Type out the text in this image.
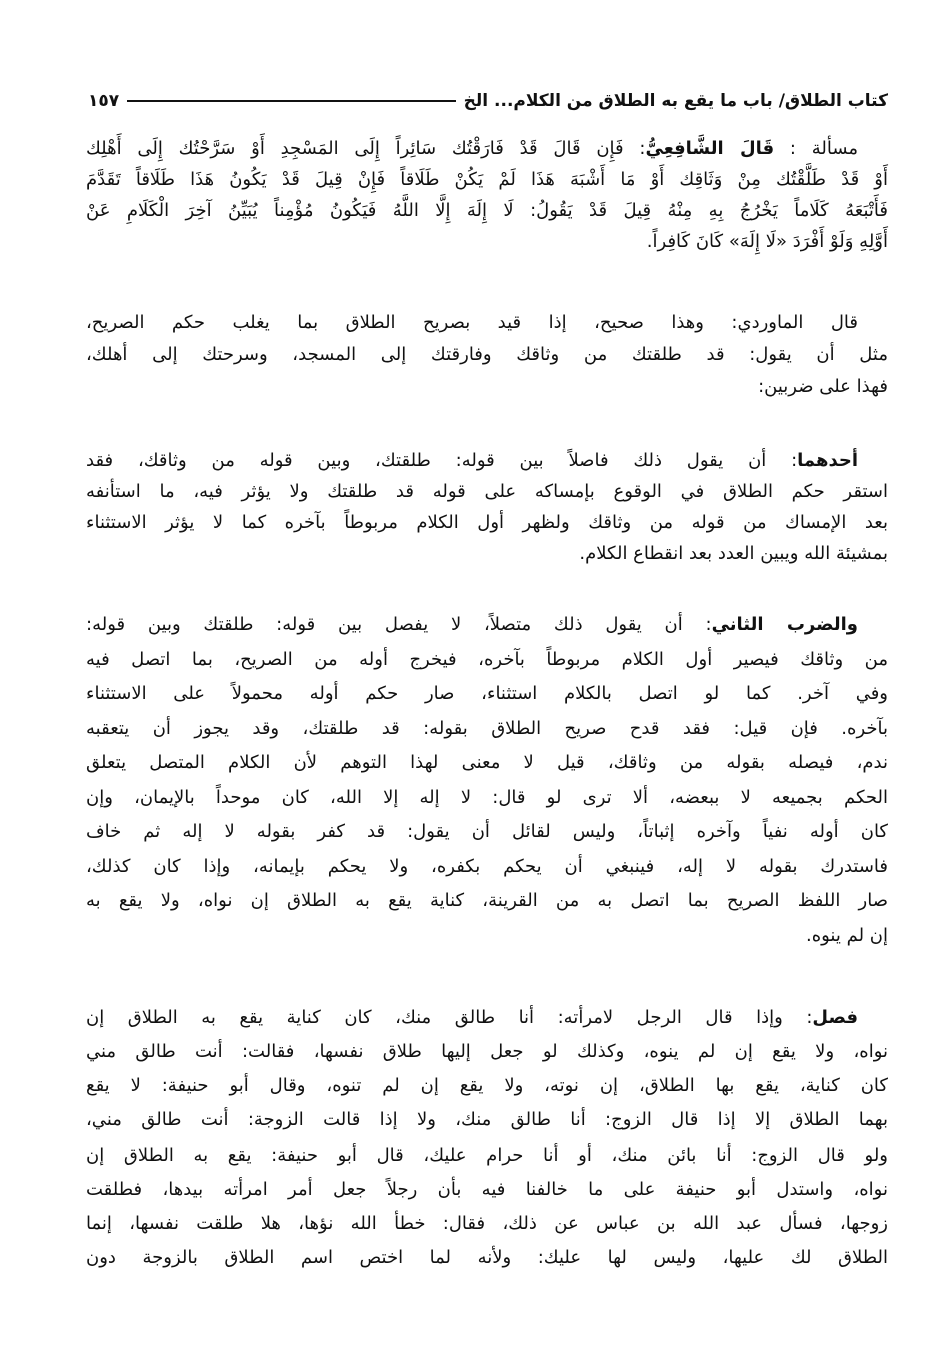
كتاب الطلاق/ باب ما يقع به الطلاق من الكلام... الخ
١٥٧
مسألة : قَالَ الشَّافِعِيُّ: فَإِن قَالَ قَدْ فَارَقْتُك سَائِراً إِلَى المَسْجِدِ أَوْ سَرَّحْتُك إِلَى أَهْلِك
أَوْ قَدْ طَلَّقْتُك مِنْ وَثَاقِك أَوْ مَا أَشْبَهَ هَذَا لَمْ يَكُنْ طَلَاقاً فَإِنْ قِيلَ قَدْ يَكُونُ هَذَا طَلَاقاً تَقَدَّمَ
فَأَتْبَعَهُ كَلَاماً يَخْرُجُ بِهِ مِنْهُ قِيلَ قَدْ يَقُولُ: لَا إِلَهَ إِلَّا اللَّهُ فَيَكُونُ مُؤْمِناً يُبَيِّنُ آخِرَ الْكَلَامِ عَنْ
أَوَّلِهِ وَلَوْ أَفْرَدَ «لَا إِلَهَ» كَانَ كَافِراً.
قال الماوردي: وهذا صحيح، إذا قيد بصريح الطلاق بما يغلب حكم الصريح،
مثل أن يقول: قد طلقتك من وثاقك وفارقتك إلى المسجد، وسرحتك إلى أهلك،
فهذا على ضربين:
أحدهما: أن يقول ذلك فاصلاً بين قوله: طلقتك، وبين قوله من وثاقك، فقد
استقر حكم الطلاق في الوقوع بإمساكه على قوله قد طلقتك ولا يؤثر فيه، ما استأنفه
بعد الإمساك من قوله من وثاقك ولظهر أول الكلام مربوطاً بآخره كما لا يؤثر الاستثناء
بمشيئة الله ويبين العدد بعد انقطاع الكلام.
والضرب الثاني: أن يقول ذلك متصلاً، لا يفصل بين قوله: طلقتك وبين قوله:
من وثاقك فيصير أول الكلام مربوطاً بآخره، فيخرج أوله من الصريح، بما اتصل فيه
وفي آخر. كما لو اتصل بالكلام استثناء، صار حكم أوله محمولاً على الاستثناء
بآخره. فإن قيل: فقد قدح صريح الطلاق بقوله: قد طلقتك، وقد يجوز أن يتعقبه
ندم، فيصله بقوله من وثاقك، قيل لا معنى لهذا التوهم لأن الكلام المتصل يتعلق
الحكم بجميعه لا ببعضه، ألا ترى لو قال: لا إله إلا الله، كان موحداً بالإيمان، وإن
كان أوله نفياً وآخره إثباتاً، وليس لقائل أن يقول: قد كفر بقوله لا إله ثم خاف
فاستدرك بقوله لا إله، فينبغي أن يحكم بكفره، ولا يحكم بإيمانه، وإذا كان كذلك،
صار اللفظ الصريح بما اتصل به من القرينة، كناية يقع به الطلاق إن نواه، ولا يقع به
إن لم ينوه.
فصل: وإذا قال الرجل لامرأته: أنا طالق منك، كان كناية يقع به الطلاق إن
نواه، ولا يقع إن لم ينوه، وكذلك لو جعل إليها طلاق نفسها، فقالت: أنت طالق مني
كان كناية، يقع بها الطلاق، إن نوته، ولا يقع إن لم تنوه، وقال أبو حنيفة: لا يقع
بهما الطلاق إلا إذا قال الزوج: أنا طالق منك، ولا إذا قالت الزوجة: أنت طالق مني،
ولو قال الزوج: أنا بائن منك، أو أنا حرام عليك، قال أبو حنيفة: يقع به الطلاق إن
نواه، واستدل أبو حنيفة على ما خالفنا فيه بأن رجلاً جعل أمر امرأته بيدها، فطلقت
زوجها، فسأل عبد الله بن عباس عن ذلك، فقال: خطأ الله نؤها، هلا طلقت نفسها، إنما
الطلاق لك عليها، وليس لها عليك: ولأنه لما اختص اسم الطلاق بالزوجة دون
